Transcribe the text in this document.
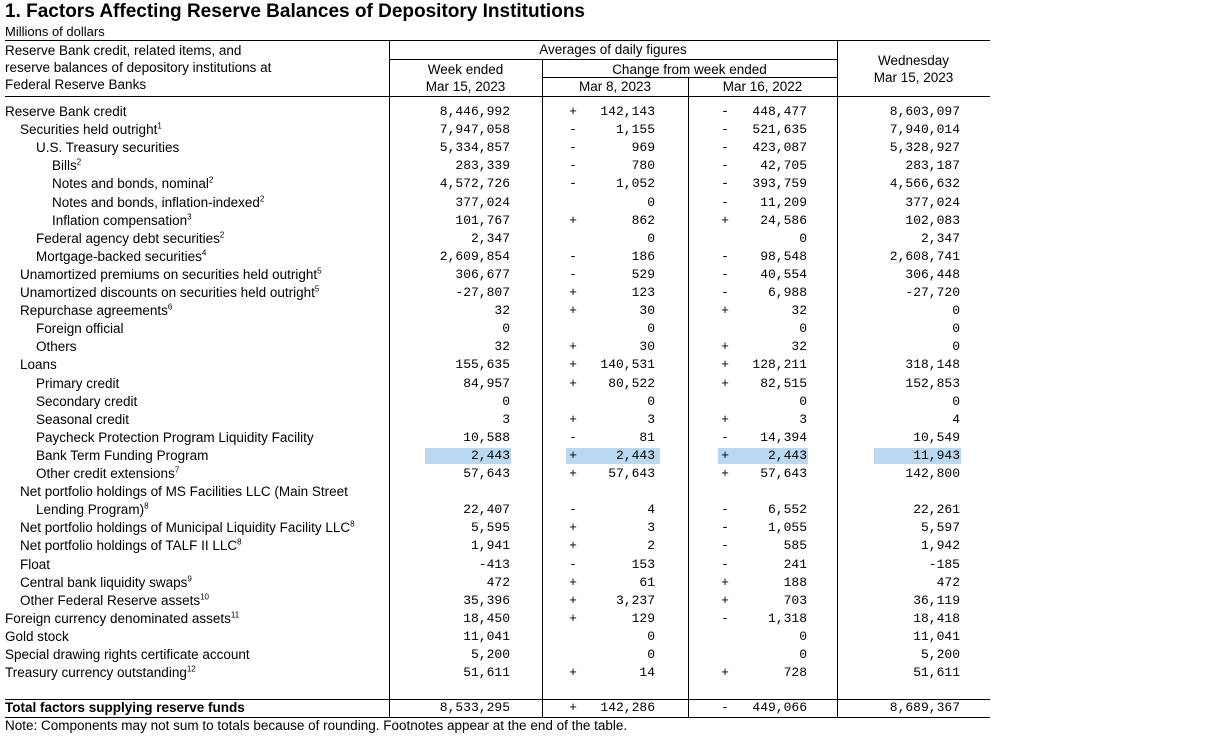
1. Factors Affecting Reserve Balances of Depository Institutions
Millions of dollars
Reserve Bank credit, related items, and
reserve balances of depository institutions at
Federal Reserve Banks
Averages of daily figures
Week ended
Mar 15, 2023
Change from week ended
Mar 8, 2023	Mar 16, 2022
Wednesday
Mar 15, 2023
Reserve Bank credit	8,446,992	+	142,143	-	448,477	8,603,097
Securities held outright$^1$	7,947,058	-	1,155	-	521,635	7,940,014
U.S. Treasury securities	5,334,857	-	969	-	423,087	5,328,927
Bills$^2$	283,339	-	780	-	42,705	283,187
Notes and bonds, nominal$^2$	4,572,726	-	1,052	-	393,759	4,566,632
Notes and bonds, inflation-indexed$^2$	377,024	0	-	11,209	377,024
Inflation compensation$^3$	101,767	+	862	+	24,586	102,083
Federal agency debt securities$^2$	2,347	0	0	2,347
Mortgage-backed securities$^4$	2,609,854	-	186	-	98,548	2,608,741
Unamortized premiums on securities held outright$^5$	306,677	-	529	-	40,554	306,448
Unamortized discounts on securities held outright$^5$	-27,807	+	123	-	6,988	-27,720
Repurchase agreements$^6$	32	+	30	+	32	0
Foreign official	0	0	0	0
Others	32	+	30	+	32	0
Loans	155,635	+	140,531	+	128,211	318,148
Primary credit	84,957	+	80,522	+	82,515	152,853
Secondary credit	0	0	0	0
Seasonal credit	3	+	3	+	3	4
Paycheck Protection Program Liquidity Facility	10,588	-	81	-	14,394	10,549
Bank Term Funding Program	2,443	+	2,443	+	2,443	11,943
Other credit extensions$^7$	57,643	+	57,643	+	57,643	142,800
Net portfolio holdings of MS Facilities LLC (Main Street
Lending Program)$^8$	22,407	-	4	-	6,552	22,261
Net portfolio holdings of Municipal Liquidity Facility LLC$^8$	5,595	+	3	-	1,055	5,597
Net portfolio holdings of TALF II LLC$^8$	1,941	+	2	-	585	1,942
Float	-413	-	153	-	241	-185
Central bank liquidity swaps$^9$	472	+	61	+	188	472
Other Federal Reserve assets$^{10}$	35,396	+	3,237	+	703	36,119
Foreign currency denominated assets$^{11}$	18,450	+	129	-	1,318	18,418
Gold stock	11,041	0	0	11,041
Special drawing rights certificate account	5,200	0	0	5,200
Treasury currency outstanding$^{12}$	51,611	+	14	+	728	51,611
Total factors supplying reserve funds	8,533,295	+	142,286	-	449,066	8,689,367
Note: Components may not sum to totals because of rounding. Footnotes appear at the end of the table.
